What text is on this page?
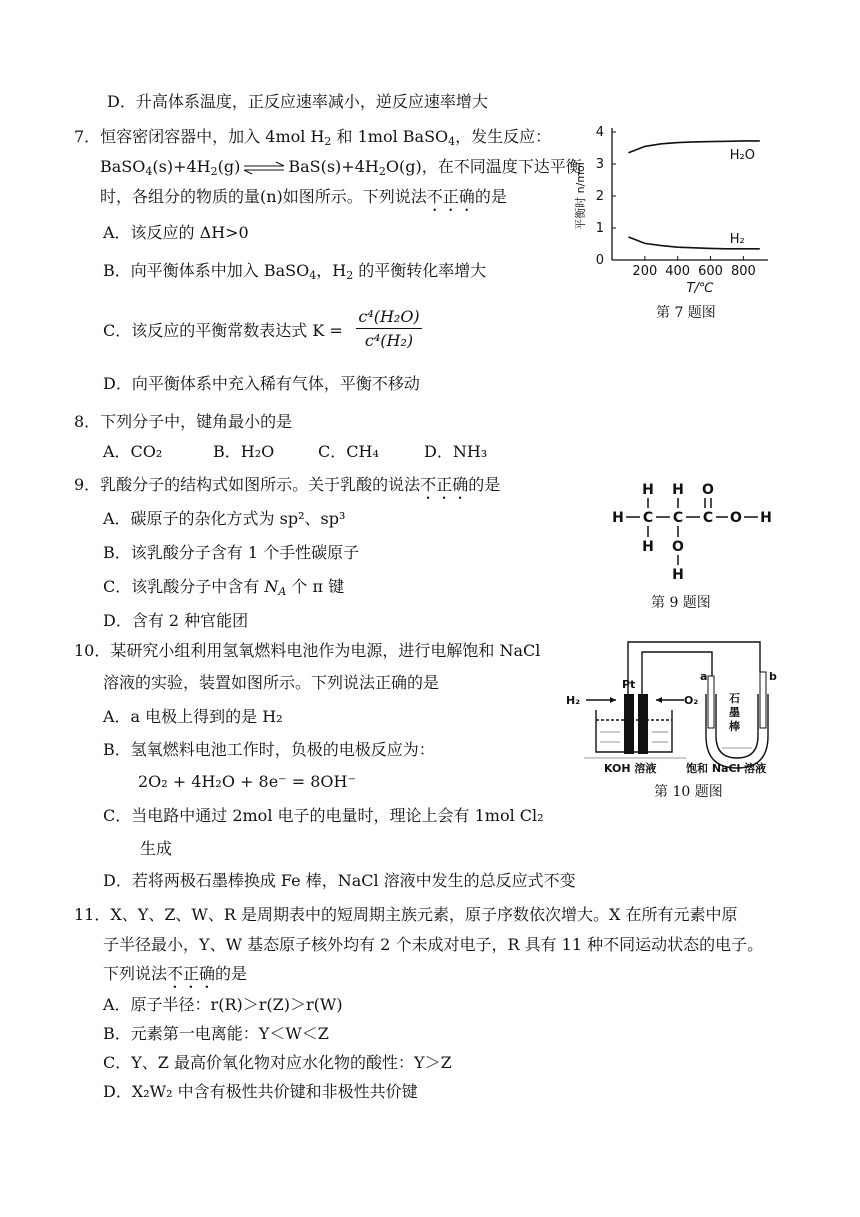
D．升高体系温度，正反应速率减小，逆反应速率增大
7．恒容密闭容器中，加入 4mol $H_2$ 和 1mol BaSO$_4$，发生反应：
$BaSO_4(s)+4H_2(g)$ ⇌ $BaS(s)+4H_2O(g)$，在不同温度下达平衡
时，各组分的物质的量(n)如图所示。下列说法不正确的是
A．该反应的 ΔH>0
B．向平衡体系中加入 BaSO$_4$，$H_2$ 的平衡转化率增大
C．该反应的平衡常数表达式 K =
c⁴(H₂O)
c⁴(H₂)
D．向平衡体系中充入稀有气体，平衡不移动
0
1
2
3
4
200 400 600 800
T/℃
平衡时 n/mol
H₂O
H₂
第 7 题图
8．下列分子中，键角最小的是
A．CO₂	B．H₂O	C．CH₄	D．NH₃
9．乳酸分子的结构式如图所示。关于乳酸的说法不正确的是
A．碳原子的杂化方式为 sp²、sp³
B．该乳酸分子含有 1 个手性碳原子
C．该乳酸分子中含有 $N_A$ 个 π 键
D．含有 2 种官能团
H H O
H C C C O H
H O
H
第 9 题图
10．某研究小组利用氢氧燃料电池作为电源，进行电解饱和 NaCl
溶液的实验，装置如图所示。下列说法正确的是
A．a 电极上得到的是 H₂
B．氢氧燃料电池工作时，负极的电极反应为：
2O₂ + 4H₂O + 8e⁻ = 8OH⁻
C．当电路中通过 2mol 电子的电量时，理论上会有 1mol Cl₂
生成
D．若将两极石墨棒换成 Fe 棒，NaCl 溶液中发生的总反应式不变
H₂	O₂
Pt
a	b
石
墨
棒
KOH 溶液	饱和 NaCl 溶液
第 10 题图
11．X、Y、Z、W、R 是周期表中的短周期主族元素，原子序数依次增大。X 在所有元素中原
子半径最小，Y、W 基态原子核外均有 2 个未成对电子，R 具有 11 种不同运动状态的电子。
下列说法不正确的是
A．原子半径：r(R)＞r(Z)＞r(W)
B．元素第一电离能：Y＜W＜Z
C．Y、Z 最高价氧化物对应水化物的酸性：Y＞Z
D．X₂W₂ 中含有极性共价键和非极性共价键
